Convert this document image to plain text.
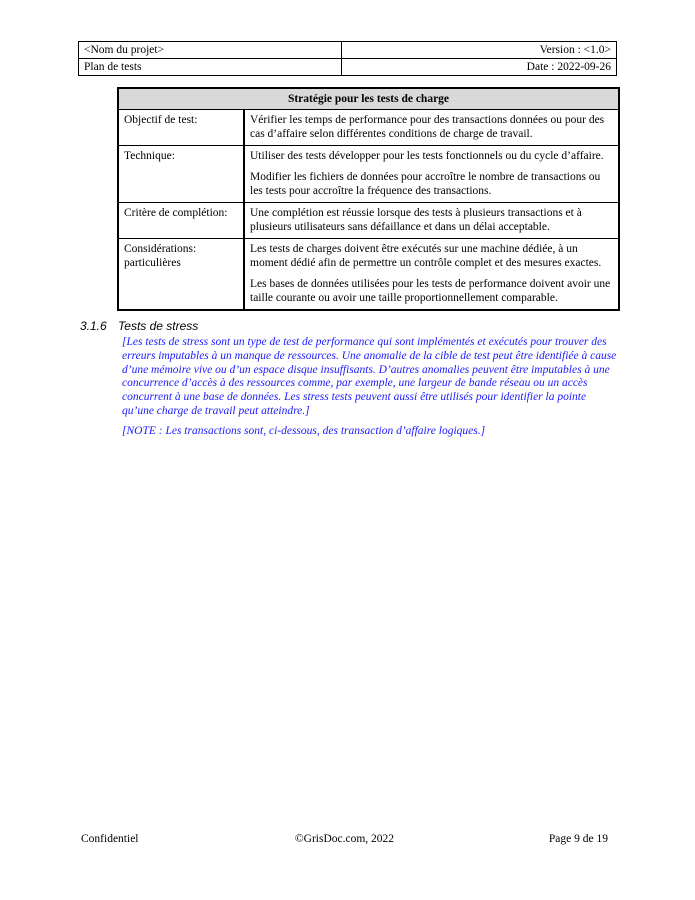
<Nom du projet>	Version : <1.0>
Plan de tests	Date : 2022-09-26
Stratégie pour les tests de charge	
Objectif de test:	Vérifier les temps de performance pour des transactions données ou pour des cas d’affaire selon différentes conditions de charge de travail.

Technique:	Utiliser des tests développer pour les tests fonctionnels ou du cycle d’affaire.

Modifier les fichiers de données pour accroître le nombre de transactions ou les tests pour accroître la fréquence des transactions.

Critère de complétion:	Une complétion est réussie lorsque des tests à plusieurs transactions et à plusieurs utilisateurs sans défaillance et dans un délai acceptable.

Considérations: particulières	Les tests de charges doivent être exécutés sur une machine dédiée, à un moment dédié afin de permettre un contrôle complet et des mesures exactes.

Les bases de données utilisées pour les tests de performance doivent avoir une taille courante ou avoir une taille proportionnellement comparable.

3.1.6 Tests de stress

[Les tests de stress sont un type de test de performance qui sont implémentés et exécutés pour trouver des erreurs imputables à un manque de ressources. Une anomalie de la cible de test peut être identifiée à cause d’une mémoire vive ou d’un espace disque insuffisants. D’autres anomalies peuvent être imputables à une concurrence d’accès à des ressources comme, par exemple, une largeur de bande réseau ou un accès concurrent à une base de données. Les stress tests peuvent aussi être utilisés pour identifier la pointe qu’une charge de travail peut atteindre.]

[NOTE : Les transactions sont, ci-dessous, des transaction d’affaire logiques.]

Confidentiel	©GrisDoc.com, 2022	Page 9 de 19
